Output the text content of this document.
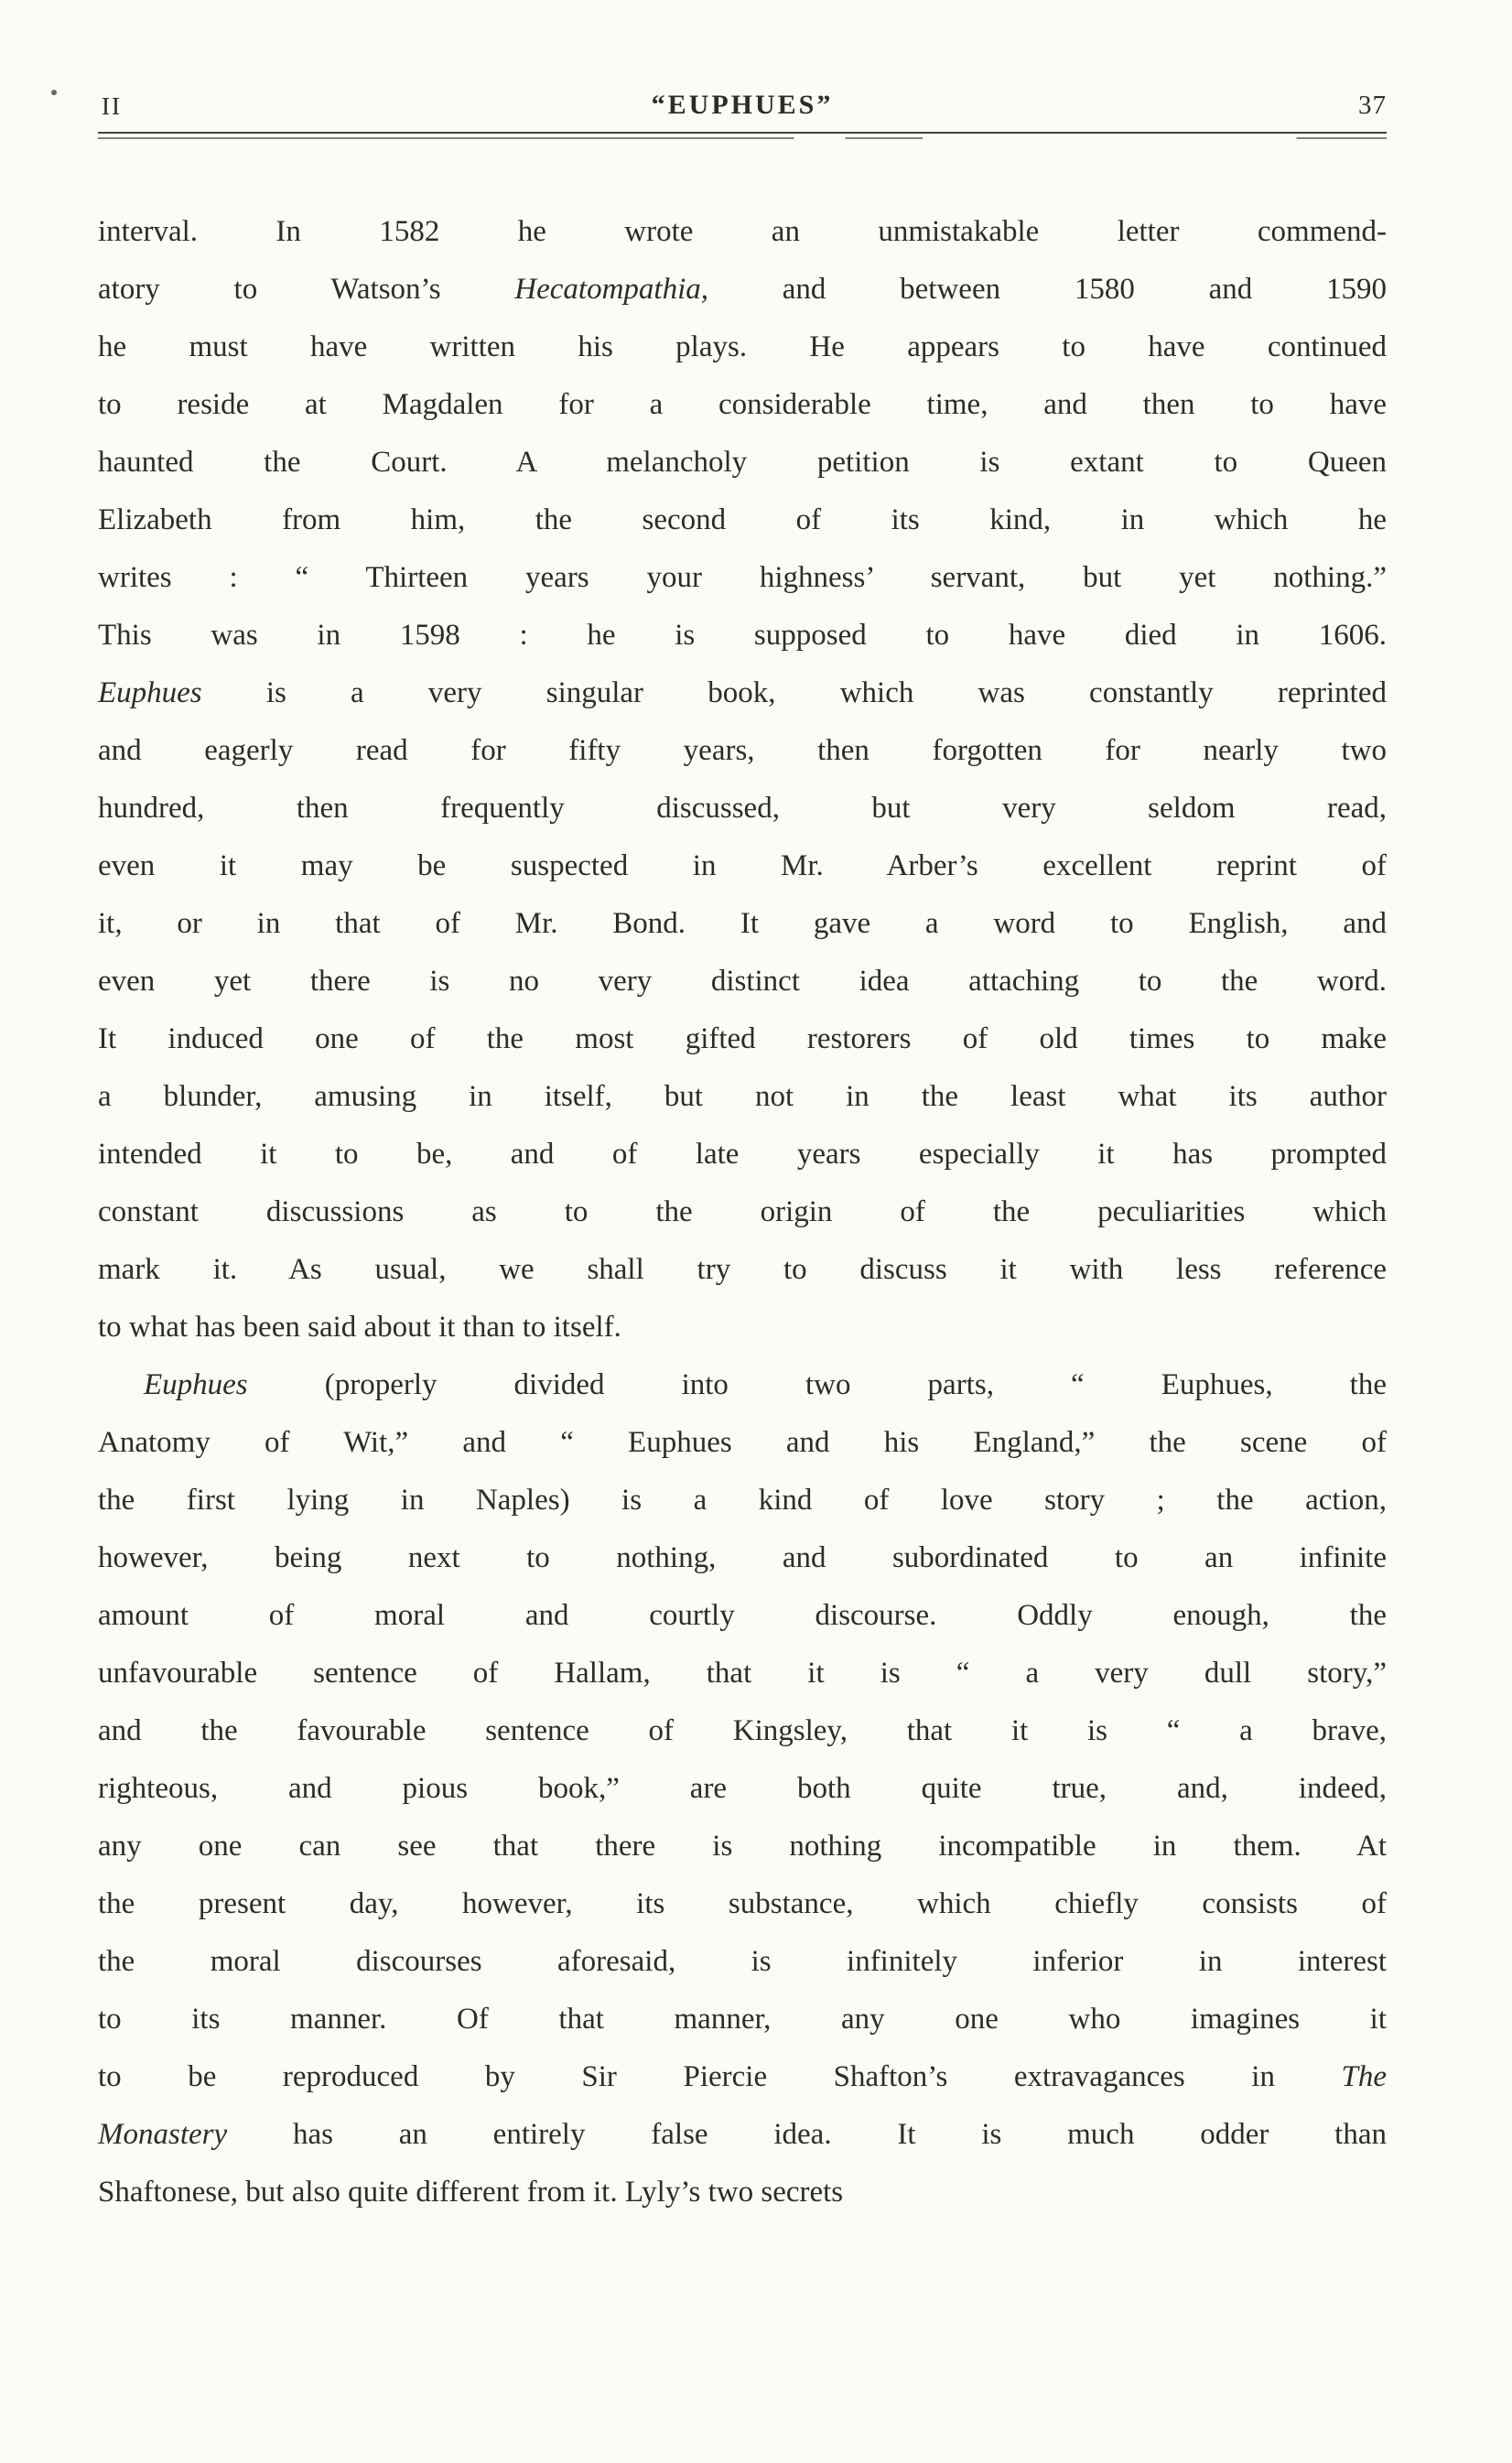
II	“EUPHUES”	37
interval. In 1582 he wrote an unmistakable letter commend-
atory to Watson’s Hecatompathia, and between 1580 and 1590
he must have written his plays. He appears to have continued
to reside at Magdalen for a considerable time, and then to have
haunted the Court. A melancholy petition is extant to Queen
Elizabeth from him, the second of its kind, in which he
writes : “ Thirteen years your highness’ servant, but yet nothing.”
This was in 1598 : he is supposed to have died in 1606.
Euphues is a very singular book, which was constantly reprinted
and eagerly read for fifty years, then forgotten for nearly two
hundred, then frequently discussed, but very seldom read,
even it may be suspected in Mr. Arber’s excellent reprint of
it, or in that of Mr. Bond. It gave a word to English, and
even yet there is no very distinct idea attaching to the word.
It induced one of the most gifted restorers of old times to make
a blunder, amusing in itself, but not in the least what its author
intended it to be, and of late years especially it has prompted
constant discussions as to the origin of the peculiarities which
mark it. As usual, we shall try to discuss it with less reference
to what has been said about it than to itself.
Euphues (properly divided into two parts, “ Euphues, the
Anatomy of Wit,” and “ Euphues and his England,” the scene of
the first lying in Naples) is a kind of love story ; the action,
however, being next to nothing, and subordinated to an infinite
amount of moral and courtly discourse. Oddly enough, the
unfavourable sentence of Hallam, that it is “ a very dull story,”
and the favourable sentence of Kingsley, that it is “ a brave,
righteous, and pious book,” are both quite true, and, indeed,
any one can see that there is nothing incompatible in them. At
the present day, however, its substance, which chiefly consists of
the moral discourses aforesaid, is infinitely inferior in interest
to its manner. Of that manner, any one who imagines it
to be reproduced by Sir Piercie Shafton’s extravagances in The
Monastery has an entirely false idea. It is much odder than
Shaftonese, but also quite different from it. Lyly’s two secrets
